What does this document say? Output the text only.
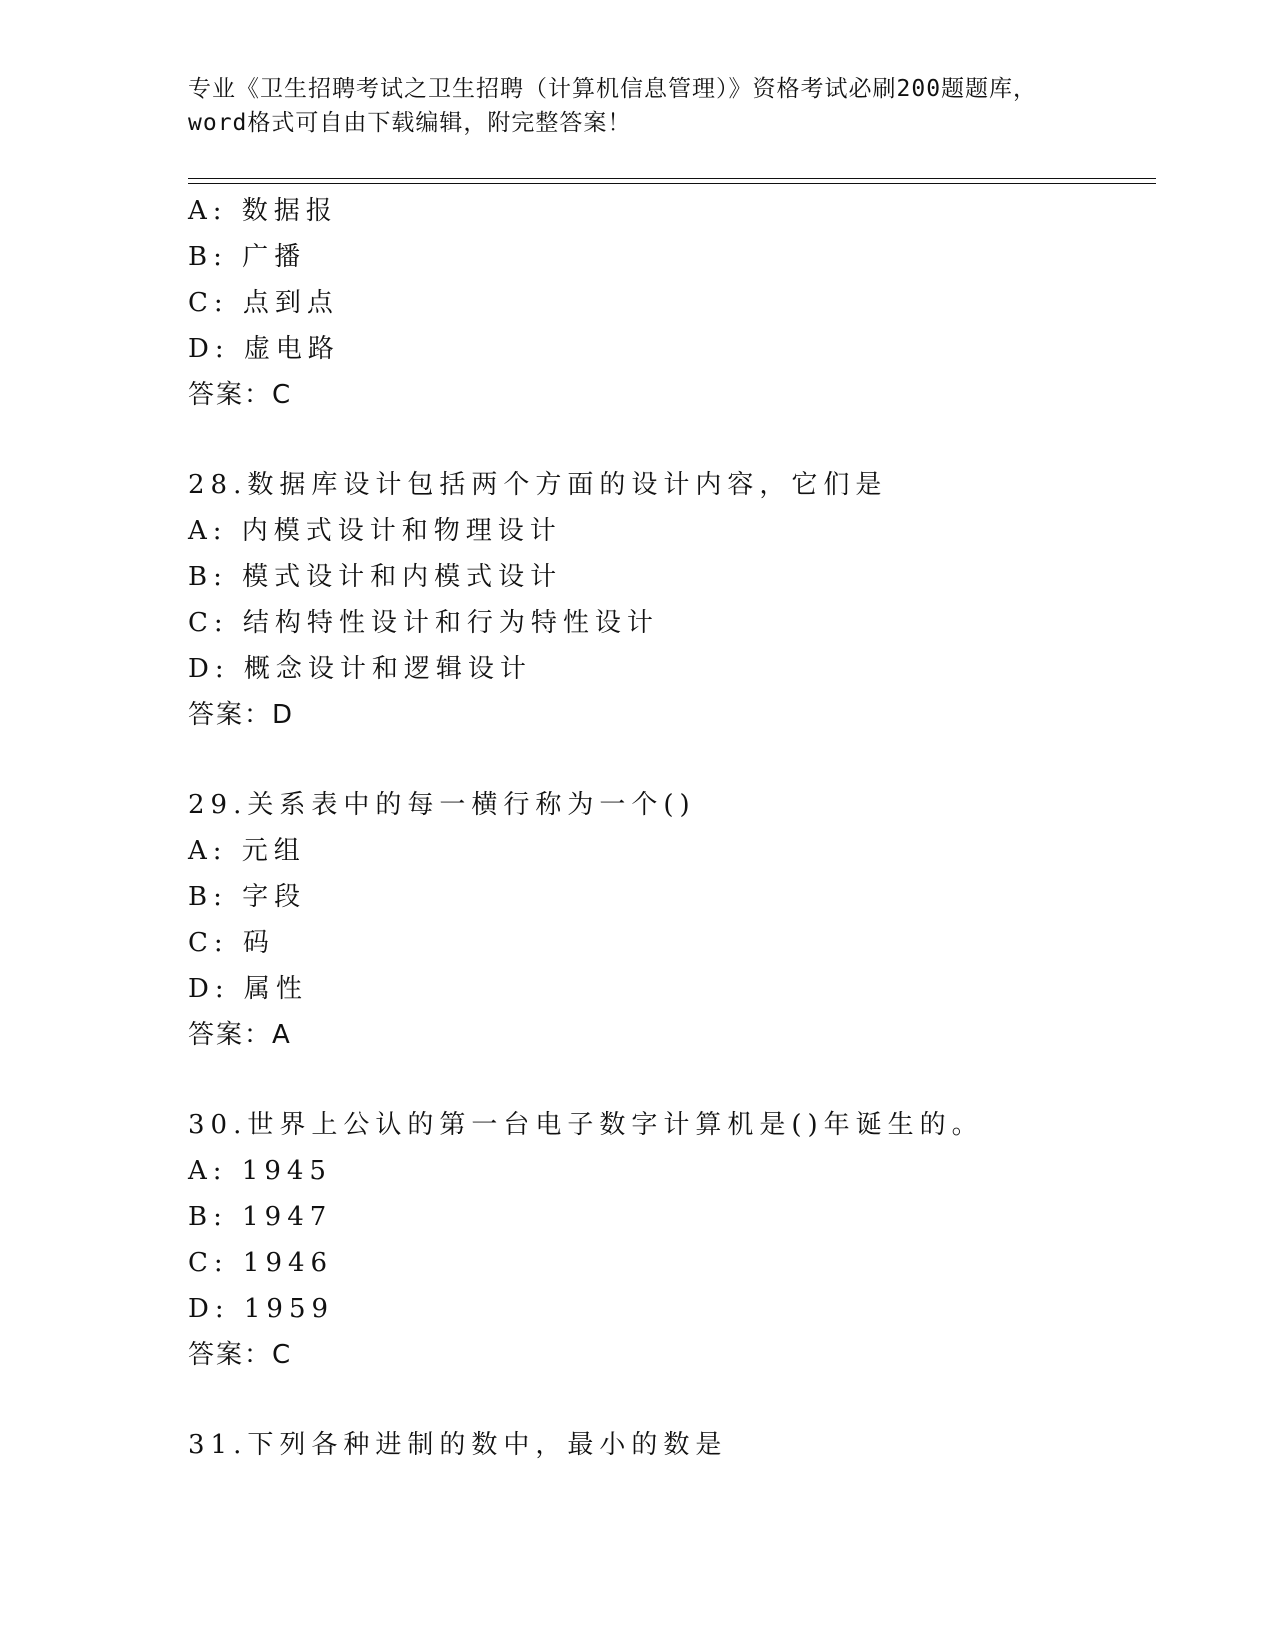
专业《卫生招聘考试之卫生招聘（计算机信息管理）》资格考试必刷200题题库，
word格式可自由下载编辑，附完整答案！
A: 数据报
B: 广播
C: 点到点
D: 虚电路
答案：C
28.数据库设计包括两个方面的设计内容，它们是
A: 内模式设计和物理设计
B: 模式设计和内模式设计
C: 结构特性设计和行为特性设计
D: 概念设计和逻辑设计
答案：D
29.关系表中的每一横行称为一个()
A: 元组
B: 字段
C: 码
D: 属性
答案：A
30.世界上公认的第一台电子数字计算机是()年诞生的。
A: 1945
B: 1947
C: 1946
D: 1959
答案：C
31.下列各种进制的数中，最小的数是
